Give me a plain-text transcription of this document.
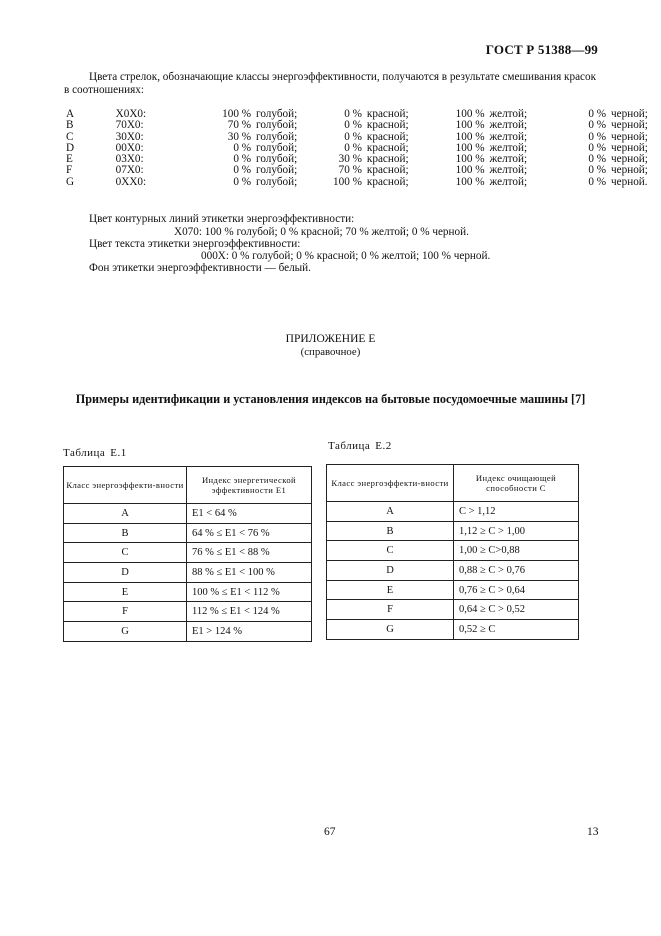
ГОСТ Р 51388—99
Цвета стрелок, обозначающие классы энергоэффективности, получаются в результате смешивания красок в соотношениях:
A	X0X0:	100 %	голубой;	0 %	красной;	100 %	желтой;	0 %	черной;
B	70X0:	70 %	голубой;	0 %	красной;	100 %	желтой;	0 %	черной;
C	30X0:	30 %	голубой;	0 %	красной;	100 %	желтой;	0 %	черной;
D	00X0:	0 %	голубой;	0 %	красной;	100 %	желтой;	0 %	черной;
E	03X0:	0 %	голубой;	30 %	красной;	100 %	желтой;	0 %	черной;
F	07X0:	0 %	голубой;	70 %	красной;	100 %	желтой;	0 %	черной;
G	0XX0:	0 %	голубой;	100 %	красной;	100 %	желтой;	0 %	черной.
Цвет контурных линий этикетки энергоэффективности:
X070: 100 % голубой; 0 % красной; 70 % желтой; 0 % черной.
Цвет текста этикетки энергоэффективности:
000X: 0 % голубой; 0 % красной; 0 % желтой; 100 % черной.
Фон этикетки энергоэффективности — белый.
ПРИЛОЖЕНИЕ Е
(справочное)
Примеры идентификации и установления индексов на бытовые посудомоечные машины [7]
Таблица Е.1
Класс энергоэффекти-вности	Индекс энергетической эффективности Е1
A	E1 < 64 %
B	64 % ≤ E1 < 76 %
C	76 % ≤ E1 < 88 %
D	88 % ≤ E1 < 100 %
E	100 % ≤ E1 < 112 %
F	112 % ≤ E1 < 124 %
G	E1 > 124 %
Таблица Е.2
Класс энергоэффекти-вности	Индекс очищающей способности С
A	C > 1,12
B	1,12 ≥ C > 1,00
C	1,00 ≥ C>0,88
D	0,88 ≥ C > 0,76
E	0,76 ≥ C > 0,64
F	0,64 ≥ C > 0,52
G	0,52 ≥ C
67	13
